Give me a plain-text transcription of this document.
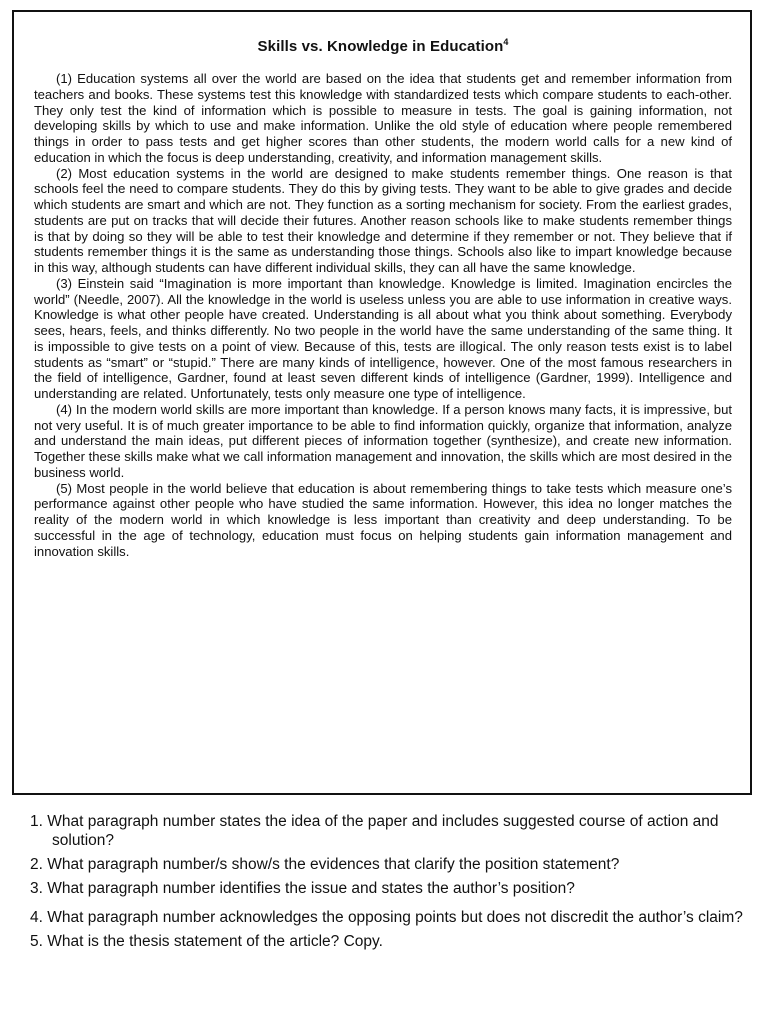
Skills vs. Knowledge in Education$^4$

(1) Education systems all over the world are based on the idea that students get and remember information from teachers and books. These systems test this knowledge with standardized tests which compare students to each-other. They only test the kind of information which is possible to measure in tests. The goal is gaining information, not developing skills by which to use and make information. Unlike the old style of education where people remembered things in order to pass tests and get higher scores than other students, the modern world calls for a new kind of education in which the focus is deep understanding, creativity, and information management skills.

(2) Most education systems in the world are designed to make students remember things. One reason is that schools feel the need to compare students. They do this by giving tests. They want to be able to give grades and decide which students are smart and which are not. They function as a sorting mechanism for society. From the earliest grades, students are put on tracks that will decide their futures. Another reason schools like to make students remember things is that by doing so they will be able to test their knowledge and determine if they remember or not. They believe that if students remember things it is the same as understanding those things. Schools also like to impart knowledge because in this way, although students can have different individual skills, they can all have the same knowledge.

(3) Einstein said “Imagination is more important than knowledge. Knowledge is limited. Imagination encircles the world” (Needle, 2007). All the knowledge in the world is useless unless you are able to use information in creative ways. Knowledge is what other people have created. Understanding is all about what you think about something. Everybody sees, hears, feels, and thinks differently. No two people in the world have the same understanding of the same thing. It is impossible to give tests on a point of view. Because of this, tests are illogical. The only reason tests exist is to label students as “smart” or “stupid.” There are many kinds of intelligence, however. One of the most famous researchers in the field of intelligence, Gardner, found at least seven different kinds of intelligence (Gardner, 1999). Intelligence and understanding are related. Unfortunately, tests only measure one type of intelligence.

(4) In the modern world skills are more important than knowledge. If a person knows many facts, it is impressive, but not very useful. It is of much greater importance to be able to find information quickly, organize that information, analyze and understand the main ideas, put different pieces of information together (synthesize), and create new information. Together these skills make what we call information management and innovation, the skills which are most desired in the business world.

(5) Most people in the world believe that education is about remembering things to take tests which measure one’s performance against other people who have studied the same information. However, this idea no longer matches the reality of the modern world in which knowledge is less important than creativity and deep understanding. To be successful in the age of technology, education must focus on helping students gain information management and innovation skills.

1. What paragraph number states the idea of the paper and includes suggested course of action and solution?

2. What paragraph number/s show/s the evidences that clarify the position statement?

3. What paragraph number identifies the issue and states the author’s position?

4. What paragraph number acknowledges the opposing points but does not discredit the author’s claim?

5. What is the thesis statement of the article? Copy.
